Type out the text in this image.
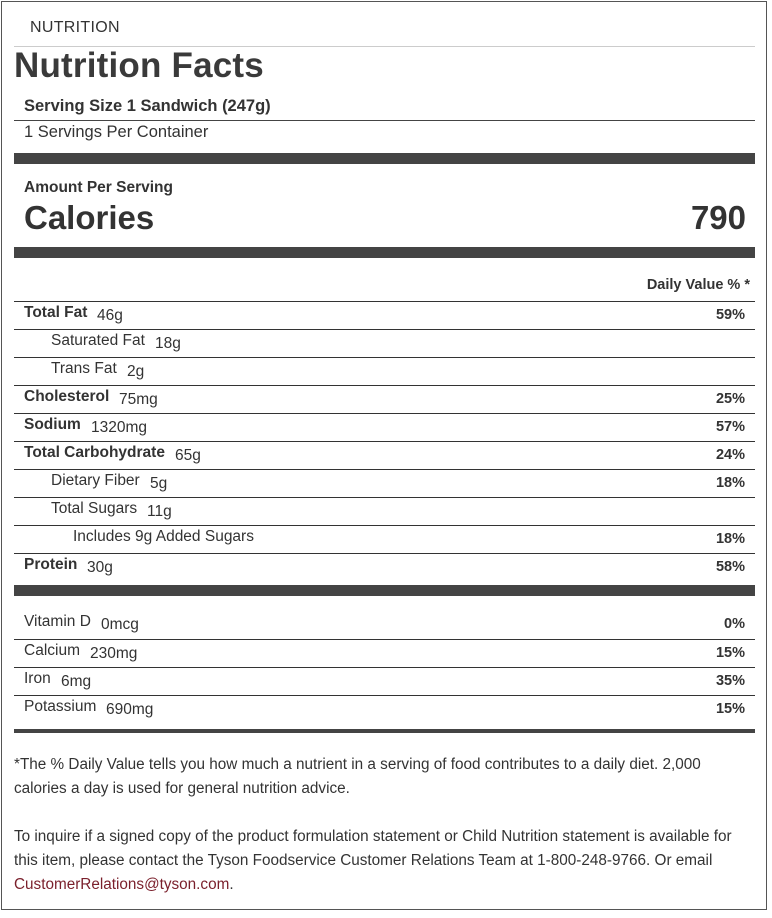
NUTRITION
Nutrition Facts
Serving Size 1 Sandwich (247g)
1 Servings Per Container
Amount Per Serving
Calories	790
Daily Value % *
Total Fat 46g	59%
Saturated Fat 18g
Trans Fat 2g
Cholesterol 75mg	25%
Sodium 1320mg	57%
Total Carbohydrate 65g	24%
Dietary Fiber 5g	18%
Total Sugars 11g
Includes 9g Added Sugars	18%
Protein 30g	58%
Vitamin D 0mcg	0%
Calcium 230mg	15%
Iron 6mg	35%
Potassium 690mg	15%
*The % Daily Value tells you how much a nutrient in a serving of food contributes to a daily diet. 2,000 calories a day is used for general nutrition advice.
To inquire if a signed copy of the product formulation statement or Child Nutrition statement is available for this item, please contact the Tyson Foodservice Customer Relations Team at 1-800-248-9766. Or email CustomerRelations@tyson.com.
